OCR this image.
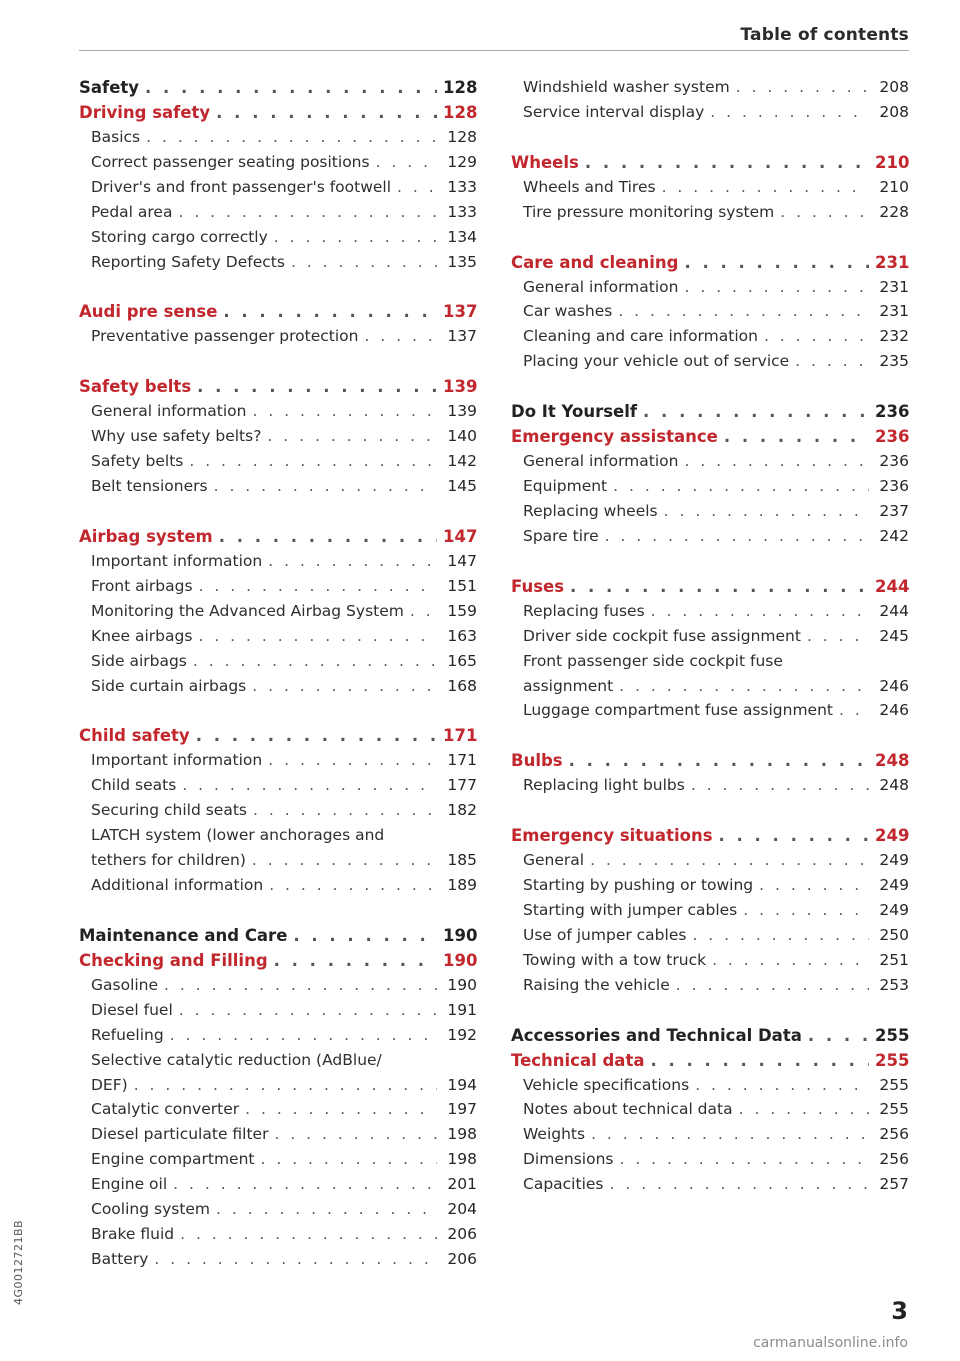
Table of contents
Safety . . .	128
Driving safety . . .	128
Basics . . .	128
Correct passenger seating positions . . .	129
Driver's and front passenger's footwell . . .	133
Pedal area . . .	133
Storing cargo correctly . . .	134
Reporting Safety Defects . . .	135
Audi pre sense . . .	137
Preventative passenger protection . . .	137
Safety belts . . .	139
General information . . .	139
Why use safety belts? . . .	140
Safety belts . . .	142
Belt tensioners . . .	145
Airbag system . . .	147
Important information . . .	147
Front airbags . . .	151
Monitoring the Advanced Airbag System . . .	159
Knee airbags . . .	163
Side airbags . . .	165
Side curtain airbags . . .	168
Child safety . . .	171
Important information . . .	171
Child seats . . .	177
Securing child seats . . .	182
LATCH system (lower anchorages and
tethers for children) . . .	185
Additional information . . .	189
Maintenance and Care . . .	190
Checking and Filling . . .	190
Gasoline . . .	190
Diesel fuel . . .	191
Refueling . . .	192
Selective catalytic reduction (AdBlue/
DEF) . . .	194
Catalytic converter . . .	197
Diesel particulate filter . . .	198
Engine compartment . . .	198
Engine oil . . .	201
Cooling system . . .	204
Brake fluid . . .	206
Battery . . .	206
Windshield washer system . . .	208
Service interval display . . .	208
Wheels . . .	210
Wheels and Tires . . .	210
Tire pressure monitoring system . . .	228
Care and cleaning . . .	231
General information . . .	231
Car washes . . .	231
Cleaning and care information . . .	232
Placing your vehicle out of service . . .	235
Do It Yourself . . .	236
Emergency assistance . . .	236
General information . . .	236
Equipment . . .	236
Replacing wheels . . .	237
Spare tire . . .	242
Fuses . . .	244
Replacing fuses . . .	244
Driver side cockpit fuse assignment . . .	245
Front passenger side cockpit fuse
assignment . . .	246
Luggage compartment fuse assignment . . .	246
Bulbs . . .	248
Replacing light bulbs . . .	248
Emergency situations . . .	249
General . . .	249
Starting by pushing or towing . . .	249
Starting with jumper cables . . .	249
Use of jumper cables . . .	250
Towing with a tow truck . . .	251
Raising the vehicle . . .	253
Accessories and Technical Data . . .	255
Technical data . . .	255
Vehicle specifications . . .	255
Notes about technical data . . .	255
Weights . . .	256
Dimensions . . .	256
Capacities . . .	257
4G0012721BB
3
carmanualsonline.info
